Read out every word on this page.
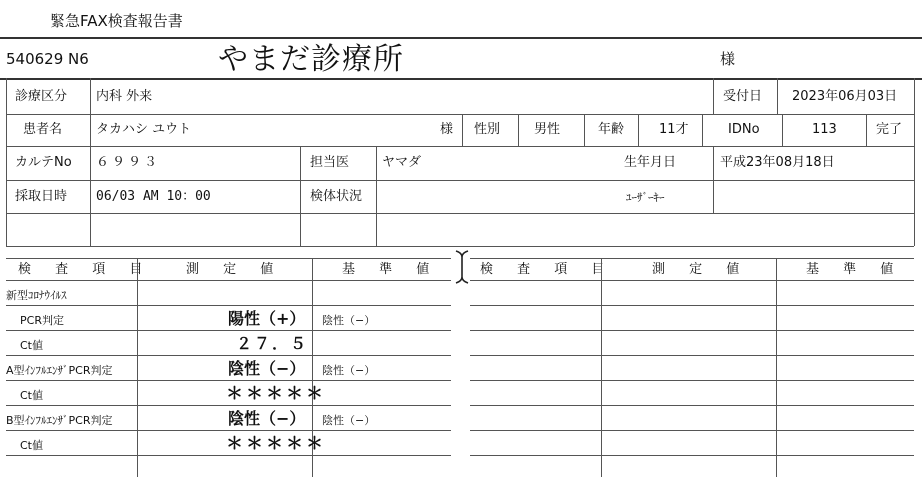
緊急FAX検査報告書
540629 N6	やまだ診療所	様
診療区分 内科 外来	受付日 2023年06月03日
患者名	タカハシ ユウト	様 性別	男性	年齢	11才	IDNo	113	完了
カルテNo ６９９３	担当医	ヤマダ	生年月日	平成23年08月18日
採取日時 06/03 AM 10：00	検体状況	ﾕｰｻﾞｰｷｰ
検 査 項 目	測 定 値	基 準 値	検 査 項 目	測 定 値	基 準 値
新型ｺﾛﾅｳｲﾙｽ
PCR判定	陽性（+） 陰性（−）
Ct値	２７．５
A型ｲﾝﾌﾙｴﾝｻﾞPCR判定	陰性（−） 陰性（−）
Ct値	＊＊＊＊＊
B型ｲﾝﾌﾙｴﾝｻﾞPCR判定	陰性（−） 陰性（−）
Ct値	＊＊＊＊＊
